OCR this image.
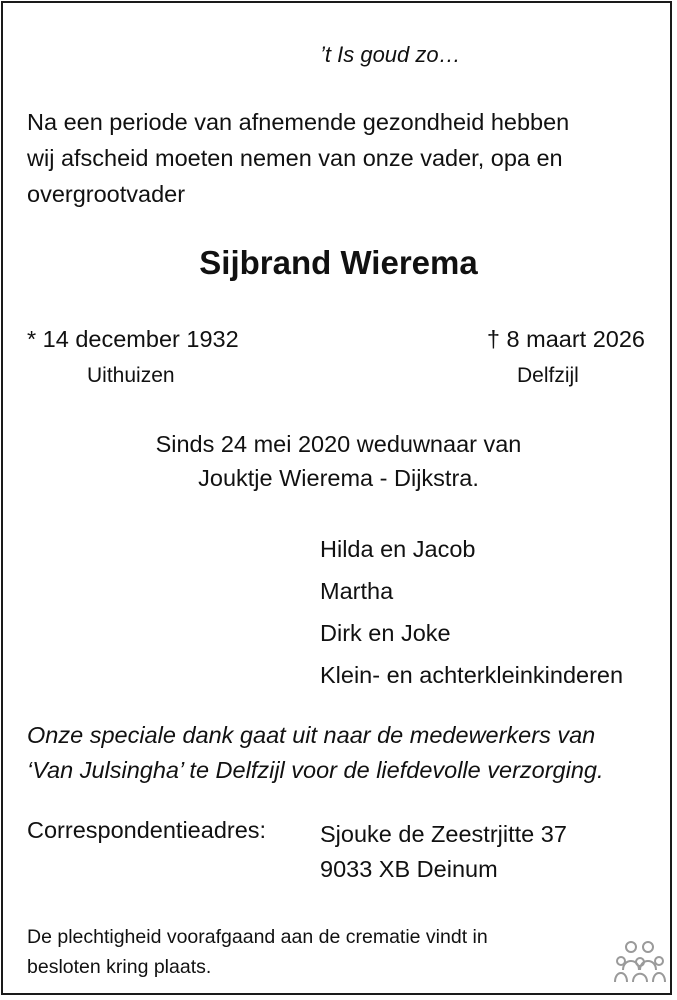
’t Is goud zo…
Na een periode van afnemende gezondheid hebben
wij afscheid moeten nemen van onze vader, opa en
overgrootvader
Sijbrand Wierema
* 14 december 1932
Uithuizen
† 8 maart 2026
Delfzijl
Sinds 24 mei 2020 weduwnaar van
Jouktje Wierema - Dijkstra.
Hilda en Jacob
Martha
Dirk en Joke
Klein- en achterkleinkinderen
Onze speciale dank gaat uit naar de medewerkers van
‘Van Julsingha’ te Delfzijl voor de liefdevolle verzorging.
Correspondentieadres: Sjouke de Zeestrjitte 37
9033 XB Deinum
De plechtigheid voorafgaand aan de crematie vindt in
besloten kring plaats.
